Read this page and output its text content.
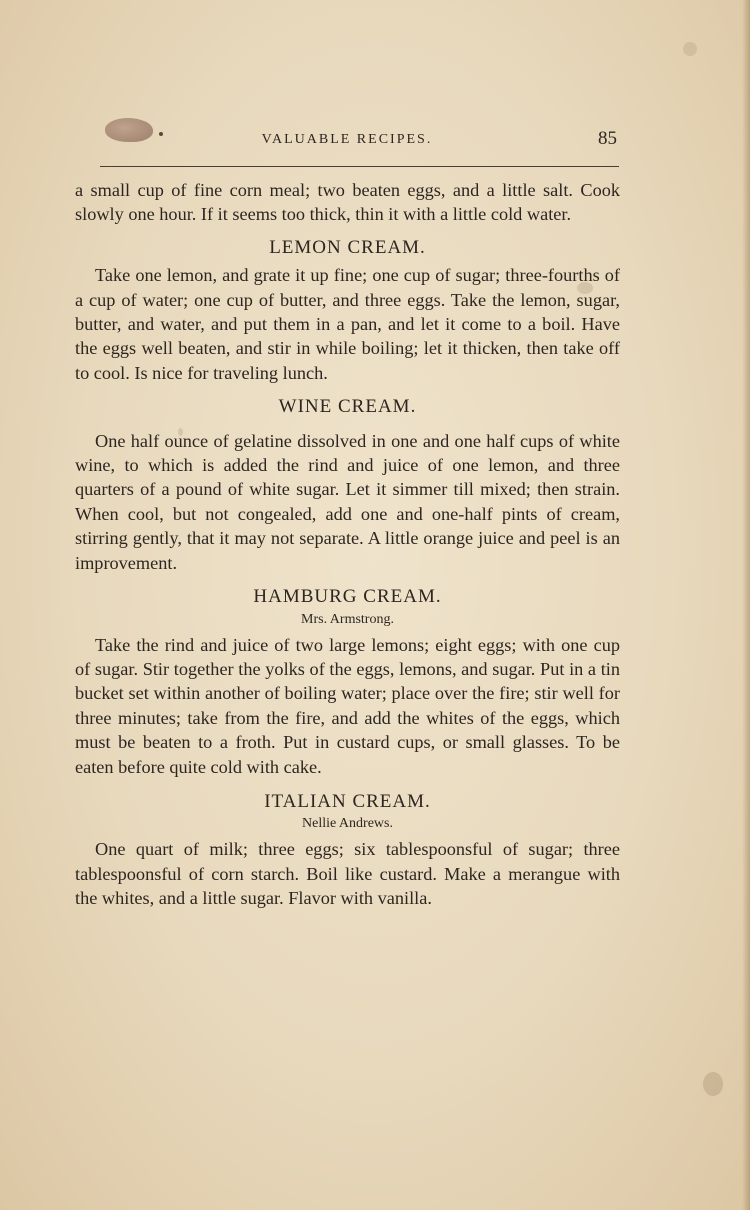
VALUABLE RECIPES.	85

a small cup of fine corn meal; two beaten eggs, and a little salt. Cook slowly one hour. If it seems too thick, thin it with a little cold water.

LEMON CREAM.

Take one lemon, and grate it up fine; one cup of sugar; three-fourths of a cup of water; one cup of butter, and three eggs. Take the lemon, sugar, butter, and water, and put them in a pan, and let it come to a boil. Have the eggs well beaten, and stir in while boiling; let it thicken, then take off to cool. Is nice for traveling lunch.

WINE CREAM.

One half ounce of gelatine dissolved in one and one half cups of white wine, to which is added the rind and juice of one lemon, and three quarters of a pound of white sugar. Let it simmer till mixed; then strain. When cool, but not congealed, add one and one-half pints of cream, stirring gently, that it may not separate. A little orange juice and peel is an improvement.

HAMBURG CREAM.

Mrs. Armstrong.

Take the rind and juice of two large lemons; eight eggs; with one cup of sugar. Stir together the yolks of the eggs, lemons, and sugar. Put in a tin bucket set within another of boiling water; place over the fire; stir well for three minutes; take from the fire, and add the whites of the eggs, which must be beaten to a froth. Put in custard cups, or small glasses. To be eaten before quite cold with cake.

ITALIAN CREAM.

Nellie Andrews.

One quart of milk; three eggs; six tablespoonsful of sugar; three tablespoonsful of corn starch. Boil like custard. Make a merangue with the whites, and a little sugar. Flavor with vanilla.
